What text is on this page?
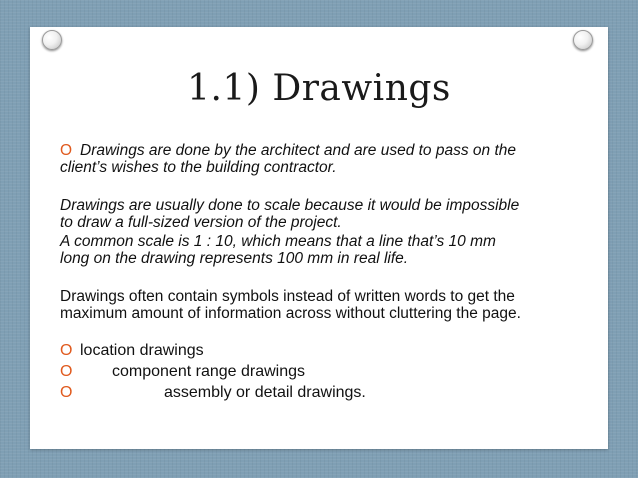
1.1) Drawings
O Drawings are done by the architect and are used to pass on the
client’s wishes to the building contractor.
Drawings are usually done to scale because it would be impossible
to draw a full-sized version of the project.
A common scale is 1 : 10, which means that a line that’s 10 mm
long on the drawing represents 100 mm in real life.
Drawings often contain symbols instead of written words to get the
maximum amount of information across without cluttering the page.
O location drawings
O component range drawings
O	assembly or detail drawings.
